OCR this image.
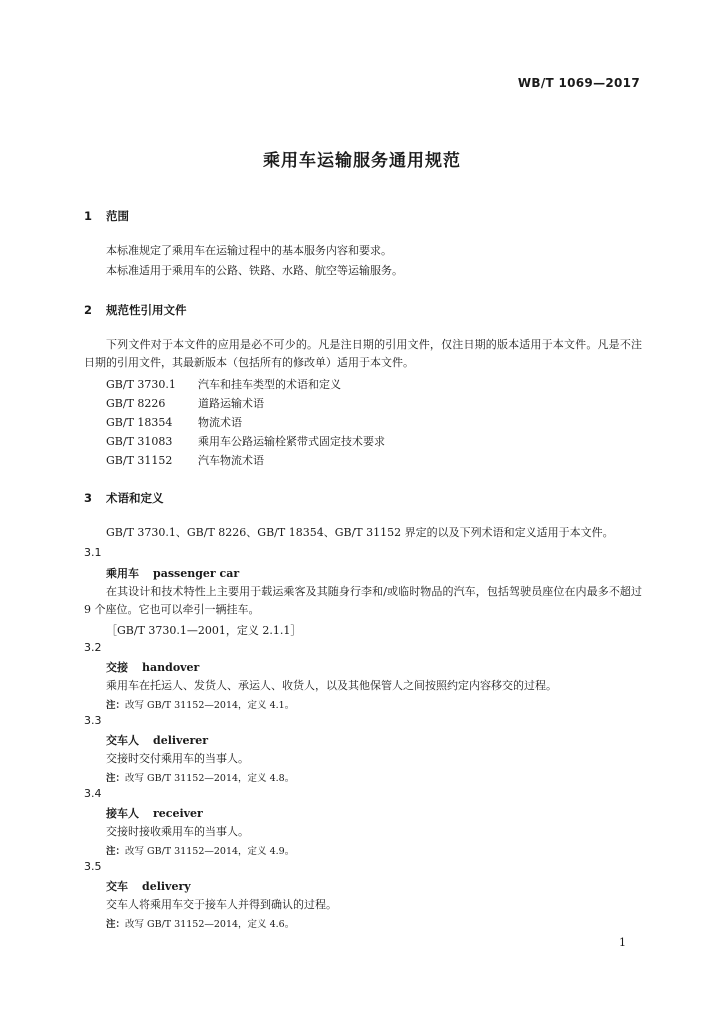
WB/T 1069—2017
乘用车运输服务通用规范
1 范围
本标准规定了乘用车在运输过程中的基本服务内容和要求。
本标准适用于乘用车的公路、铁路、水路、航空等运输服务。
2 规范性引用文件
下列文件对于本文件的应用是必不可少的。凡是注日期的引用文件，仅注日期的版本适用于本文件。凡是不注日期的引用文件，其最新版本（包括所有的修改单）适用于本文件。
GB/T 3730.1 汽车和挂车类型的术语和定义
GB/T 8226	道路运输术语
GB/T 18354 物流术语
GB/T 31083 乘用车公路运输栓紧带式固定技术要求
GB/T 31152 汽车物流术语
3 术语和定义
GB/T 3730.1、GB/T 8226、GB/T 18354、GB/T 31152 界定的以及下列术语和定义适用于本文件。
3.1
乘用车 passenger car
在其设计和技术特性上主要用于载运乘客及其随身行李和/或临时物品的汽车，包括驾驶员座位在内最多不超过 9 个座位。它也可以牵引一辆挂车。
［GB/T 3730.1—2001，定义 2.1.1］
3.2
交接 handover
乘用车在托运人、发货人、承运人、收货人，以及其他保管人之间按照约定内容移交的过程。
注：改写 GB/T 31152—2014，定义 4.1。
3.3
交车人 deliverer
交接时交付乘用车的当事人。
注：改写 GB/T 31152—2014，定义 4.8。
3.4
接车人 receiver
交接时接收乘用车的当事人。
注：改写 GB/T 31152—2014，定义 4.9。
3.5
交车 delivery
交车人将乘用车交于接车人并得到确认的过程。
注：改写 GB/T 31152—2014，定义 4.6。
1
